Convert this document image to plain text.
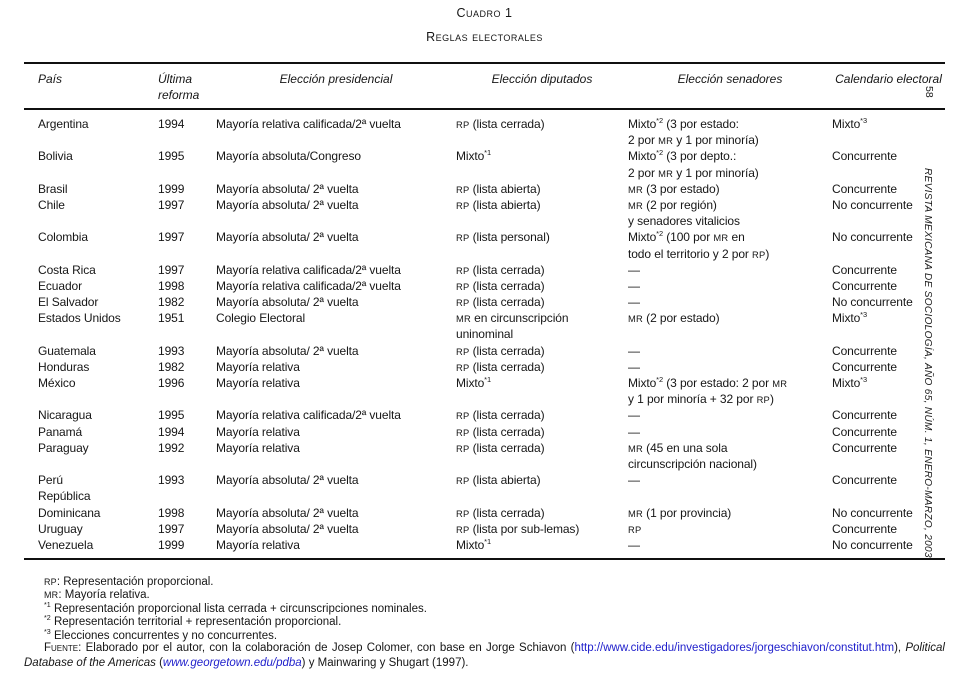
Cuadro 1
Reglas electorales
País	Última reforma	Elección presidencial	Elección diputados	Elección senadores	Calendario electoral

Argentina	1994	Mayoría relativa calificada/2ª vuelta	RP (lista cerrada)	Mixto$^{*2}$ (3 por estado:
2 por MR y 1 por minoría)	Mixto$^{*3}$

Bolivia	1995	Mayoría absoluta/Congreso	Mixto$^{*1}$	Mixto$^{*2}$ (3 por depto.:
2 por MR y 1 por minoría)	Concurrente

Brasil	1999	Mayoría absoluta/ 2ª vuelta	RP (lista abierta)	MR (3 por estado)	Concurrente

Chile	1997	Mayoría absoluta/ 2ª vuelta	RP (lista abierta)	MR (2 por región)
y senadores vitalicios	No concurrente

Colombia	1997	Mayoría absoluta/ 2ª vuelta	RP (lista personal)	Mixto$^{*2}$ (100 por MR en
todo el territorio y 2 por RP)	No concurrente

Costa Rica	1997	Mayoría relativa calificada/2ª vuelta	RP (lista cerrada)	—	Concurrente

Ecuador	1998	Mayoría relativa calificada/2ª vuelta	RP (lista cerrada)	—	Concurrente

El Salvador	1982	Mayoría absoluta/ 2ª vuelta	RP (lista cerrada)	—	No concurrente

Estados Unidos	1951	Colegio Electoral	MR en circunscripción
uninominal	MR (2 por estado)	Mixto$^{*3}$

Guatemala	1993	Mayoría absoluta/ 2ª vuelta	RP (lista cerrada)	—	Concurrente

Honduras	1982	Mayoría relativa	RP (lista cerrada)	—	Concurrente

México	1996	Mayoría relativa	Mixto$^{*1}$	Mixto$^{*2}$ (3 por estado: 2 por MR
y 1 por minoría + 32 por RP)	Mixto$^{*3}$

Nicaragua	1995	Mayoría relativa calificada/2ª vuelta	RP (lista cerrada)	—	Concurrente

Panamá	1994	Mayoría relativa	RP (lista cerrada)	—	Concurrente

Paraguay	1992	Mayoría relativa	RP (lista cerrada)	MR (45 en una sola
circunscripción nacional)	Concurrente

Perú
República	1993	Mayoría absoluta/ 2ª vuelta	RP (lista abierta)	—	Concurrente

Dominicana	1998	Mayoría absoluta/ 2ª vuelta	RP (lista cerrada)	MR (1 por provincia)	No concurrente

Uruguay	1997	Mayoría absoluta/ 2ª vuelta	RP (lista por sub-lemas)	RP	Concurrente

Venezuela	1999	Mayoría relativa	Mixto$^{*1}$	—	No concurrente
RP: Representación proporcional.
MR: Mayoría relativa.
$^{*1}$ Representación proporcional lista cerrada + circunscripciones nominales.
$^{*2}$ Representación territorial + representación proporcional.
$^{*3}$ Elecciones concurrentes y no concurrentes.

Fuente: Elaborado por el autor, con la colaboración de Josep Colomer, con base en Jorge Schiavon (http://www.cide.edu/investigadores/jorgeschiavon/constitut.htm), Political Database of the Americas (www.georgetown.edu/pdba) y Mainwaring y Shugart (1997).

REVISTA MEXICANA DE SOCIOLOGÍA, AÑO 65, NÚM. 1, ENERO-MARZO, 2003
58
